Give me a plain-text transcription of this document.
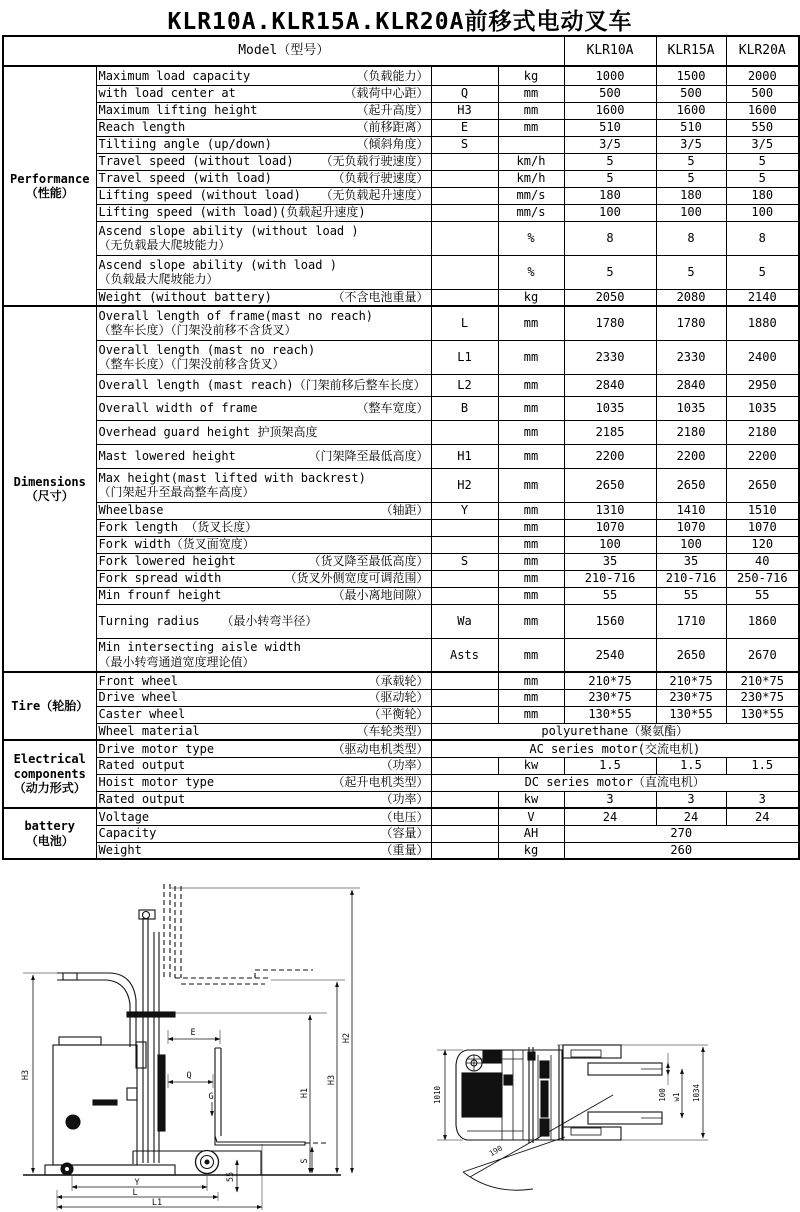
KLR10A.KLR15A.KLR20A前移式电动叉车
Model（型号）				KLR10A	KLR15A	KLR20A

Performance
（性能）

Maximum load capacity	（负载能力）		kg	1000	1500	2000

	with load center at （载荷中心距）	Q	mm	500	500	500

	Maximum lifting height （起升高度）	H3	mm	1600	1600	1600

	Reach length （前移距离）	E	mm	510	510	550

	Tiltiing angle (up/down) （倾斜角度）	S		3/5	3/5	3/5

	Travel speed (without load) （无负载行驶速度）		km/h	5	5	5

	Travel speed (with load) （负载行驶速度）		km/h	5	5	5

	Lifting speed (without load) （无负载起升速度）		mm/s	180	180	180
	Lifting speed (with load)(负载起升速度)		mm/s	100	100	100

	Ascend slope ability (without load )
（无负载最大爬坡能力）		%	8	8	8

	Ascend slope ability (with load )
（负载最大爬坡能力）		%	5	5	5

	Weight (without battery) （不含电池重量）		kg	2050	2080	2140

Dimensions
（尺寸）

Overall length of frame(mast no reach)
（整车长度）（门架没前移不含货叉）
	L	mm	1780	1780	1880

	Overall length (mast no reach)
（整车长度）（门架没前移含货叉）	L1	mm	2330	2330	2400
	Overall length (mast reach)（门架前移后整车长度）	L2	mm	2840	2840	2950

	Overall width of frame （整车宽度）	B	mm	1035	1035	1035
	Overhead guard height 护顶架高度		mm	2185	2180	2180

	Mast lowered height （门架降至最低高度）	H1	mm	2200	2200	2200

	Max height(mast lifted with backrest)
（门架起升至最高整车高度）	H2	mm	2650	2650	2650

	Wheelbase （轴距）	Y	mm	1310	1410	1510
	Fork length （货叉长度）		mm	1070	1070	1070
	Fork width（货叉面宽度）		mm	100	100	120

	Fork lowered height （货叉降至最低高度）	S	mm	35	35	40

	Fork spread width （货叉外侧宽度可调范围）		mm	210-716	210-716	250-716

	Min frounf height （最小离地间隙）		mm	55	55	55
	Turning radius   （最小转弯半径）	Wa	mm	1560	1710	1860

	Min intersecting aisle width
（最小转弯通道宽度理论值）	Asts	mm	2540	2650	2670

Tire（轮胎）	Front wheel （承载轮）		mm	210*75	210*75	210*75

	Drive wheel （驱动轮）		mm	230*75	230*75	230*75

	Caster wheel （平衡轮）		mm	130*55	130*55	130*55

	Wheel material （车轮类型）	polyurethane（聚氨酯）				

Electrical
components
（动力形式）

Drive motor type	（驱动电机类型）	AC series motor(交流电机)

	Rated output （功率）		kw	1.5	1.5	1.5

	Hoist motor type （起升电机类型）	DC series motor（直流电机）				

	Rated output （功率）		kw	3	3	3

battery
（电池）

Voltage	（电压）		V	24	24	24

	Capacity （容量）		AH	270		

	Weight （重量）		kg	260		
H3
E
Q
G	H1
H3
H2
Y
L
L1
55
S
1010	100 w1 1034
190
